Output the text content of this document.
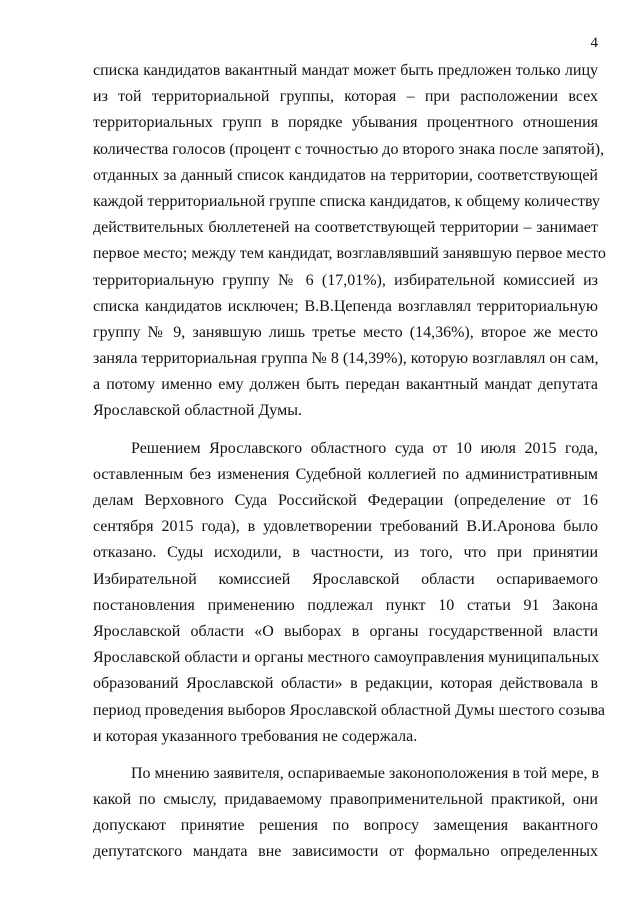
4
списка кандидатов вакантный мандат может быть предложен только лицу
из той территориальной группы, которая – при расположении всех
территориальных групп в порядке убывания процентного отношения
количества голосов (процент с точностью до второго знака после запятой),
отданных за данный список кандидатов на территории, соответствующей
каждой территориальной группе списка кандидатов, к общему количеству
действительных бюллетеней на соответствующей территории – занимает
первое место; между тем кандидат, возглавлявший занявшую первое место
территориальную группу № 6 (17,01%), избирательной комиссией из
списка кандидатов исключен; В.В.Цепенда возглавлял территориальную
группу № 9, занявшую лишь третье место (14,36%), второе же место
заняла территориальная группа № 8 (14,39%), которую возглавлял он сам,
а потому именно ему должен быть передан вакантный мандат депутата
Ярославской областной Думы.
Решением Ярославского областного суда от 10 июля 2015 года,
оставленным без изменения Судебной коллегией по административным
делам Верховного Суда Российской Федерации (определение от 16
сентября 2015 года), в удовлетворении требований В.И.Аронова было
отказано. Суды исходили, в частности, из того, что при принятии
Избирательной комиссией Ярославской области оспариваемого
постановления применению подлежал пункт 10 статьи 91 Закона
Ярославской области «О выборах в органы государственной власти
Ярославской области и органы местного самоуправления муниципальных
образований Ярославской области» в редакции, которая действовала в
период проведения выборов Ярославской областной Думы шестого созыва
и которая указанного требования не содержала.
По мнению заявителя, оспариваемые законоположения в той мере, в
какой по смыслу, придаваемому правоприменительной практикой, они
допускают принятие решения по вопросу замещения вакантного
депутатского мандата вне зависимости от формально определенных
